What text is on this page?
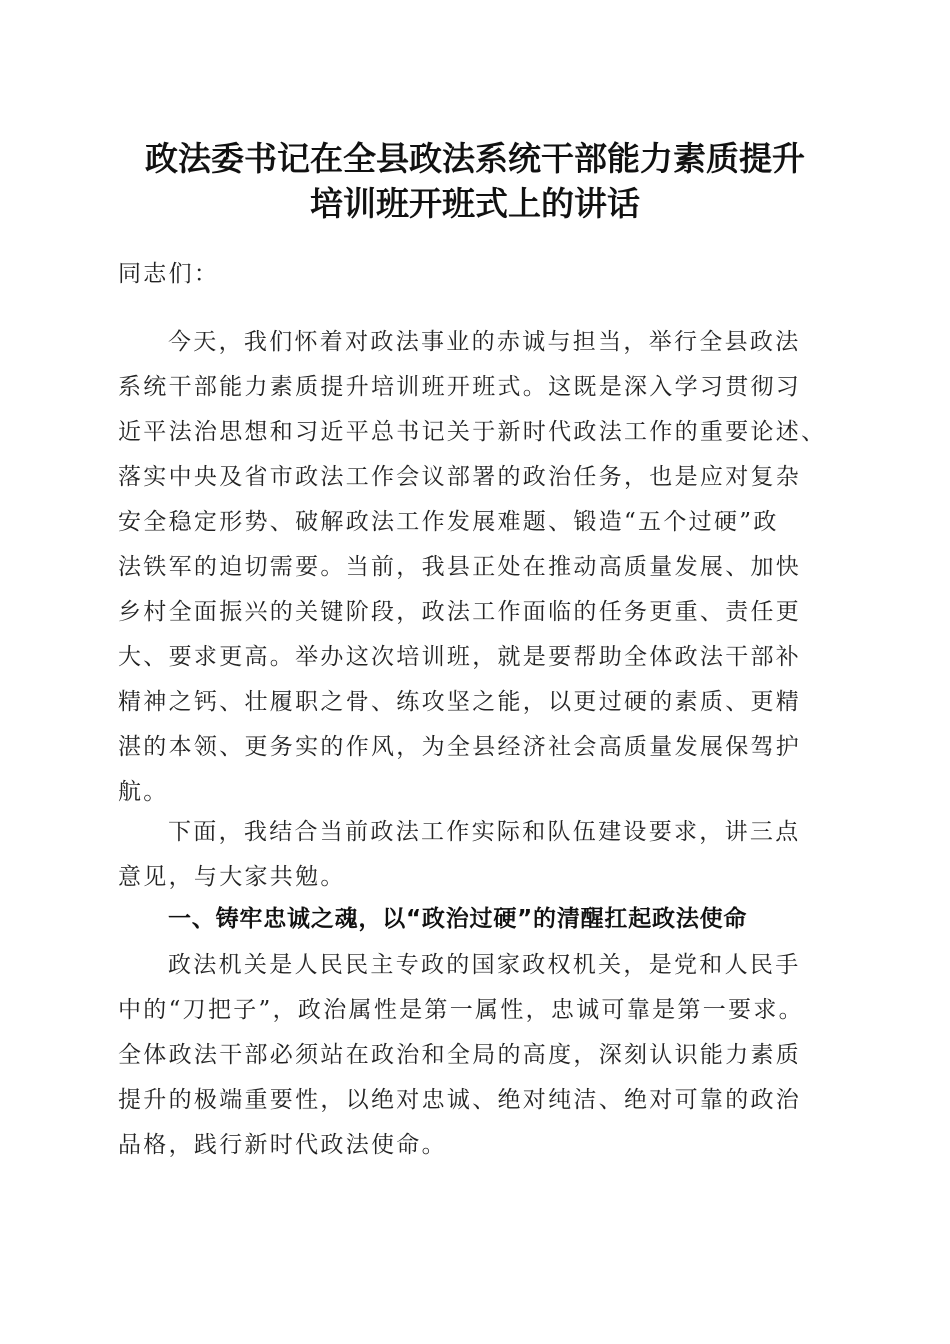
政法委书记在全县政法系统干部能力素质提升
培训班开班式上的讲话
同志们：
今天，我们怀着对政法事业的赤诚与担当，举行全县政法
系统干部能力素质提升培训班开班式。这既是深入学习贯彻习
近平法治思想和习近平总书记关于新时代政法工作的重要论述、
落实中央及省市政法工作会议部署的政治任务，也是应对复杂
安全稳定形势、破解政法工作发展难题、锻造“五个过硬”政
法铁军的迫切需要。当前，我县正处在推动高质量发展、加快
乡村全面振兴的关键阶段，政法工作面临的任务更重、责任更
大、要求更高。举办这次培训班，就是要帮助全体政法干部补
精神之钙、壮履职之骨、练攻坚之能，以更过硬的素质、更精
湛的本领、更务实的作风，为全县经济社会高质量发展保驾护
航。
下面，我结合当前政法工作实际和队伍建设要求，讲三点
意见，与大家共勉。
一、铸牢忠诚之魂，以“政治过硬”的清醒扛起政法使命
政法机关是人民民主专政的国家政权机关，是党和人民手
中的“刀把子”，政治属性是第一属性，忠诚可靠是第一要求。
全体政法干部必须站在政治和全局的高度，深刻认识能力素质
提升的极端重要性，以绝对忠诚、绝对纯洁、绝对可靠的政治
品格，践行新时代政法使命。
